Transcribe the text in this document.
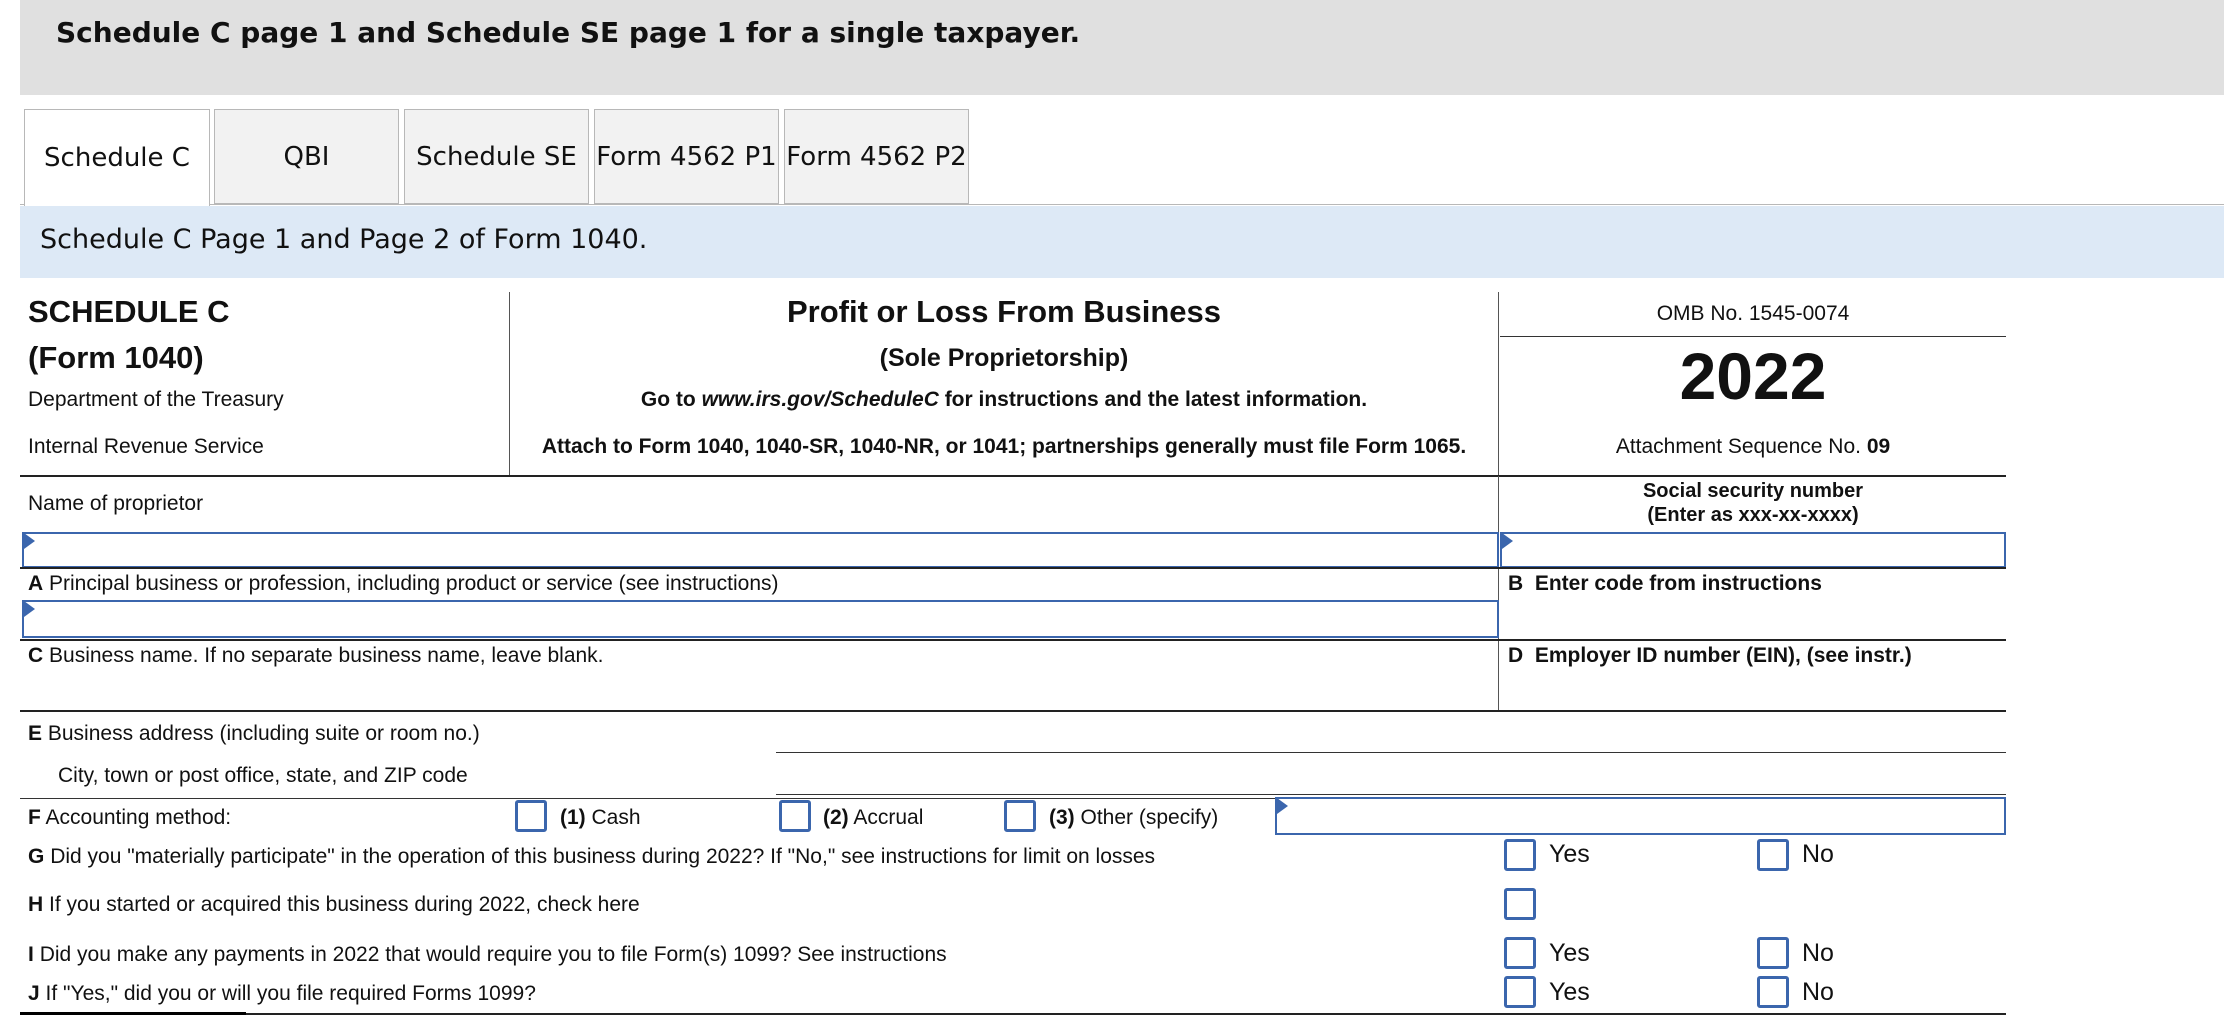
Schedule C page 1 and Schedule SE page 1 for a single taxpayer.
Schedule C	QBI	Schedule SE Form 4562 P1 Form 4562 P2
Schedule C Page 1 and Page 2 of Form 1040.
SCHEDULE C
(Form 1040)
Department of the Treasury
Internal Revenue Service
Profit or Loss From Business
(Sole Proprietorship)
Go to www.irs.gov/ScheduleC for instructions and the latest information.
Attach to Form 1040, 1040-SR, 1040-NR, or 1041; partnerships generally must file Form 1065.
OMB No. 1545-0074
2022
Attachment Sequence No. 09
Name of proprietor
Social security number
(Enter as xxx-xx-xxxx)
A Principal business or profession, including product or service (see instructions)	B Enter code from instructions
C Business name. If no separate business name, leave blank.	D Employer ID number (EIN), (see instr.)
E Business address (including suite or room no.)
City, town or post office, state, and ZIP code
F Accounting method:	(1) Cash	(2) Accrual	(3) Other (specify)
G Did you "materially participate" in the operation of this business during 2022? If "No," see instructions for limit on losses	Yes	No
H If you started or acquired this business during 2022, check here
I Did you make any payments in 2022 that would require you to file Form(s) 1099? See instructions	Yes	No
J If "Yes," did you or will you file required Forms 1099?	Yes	No
